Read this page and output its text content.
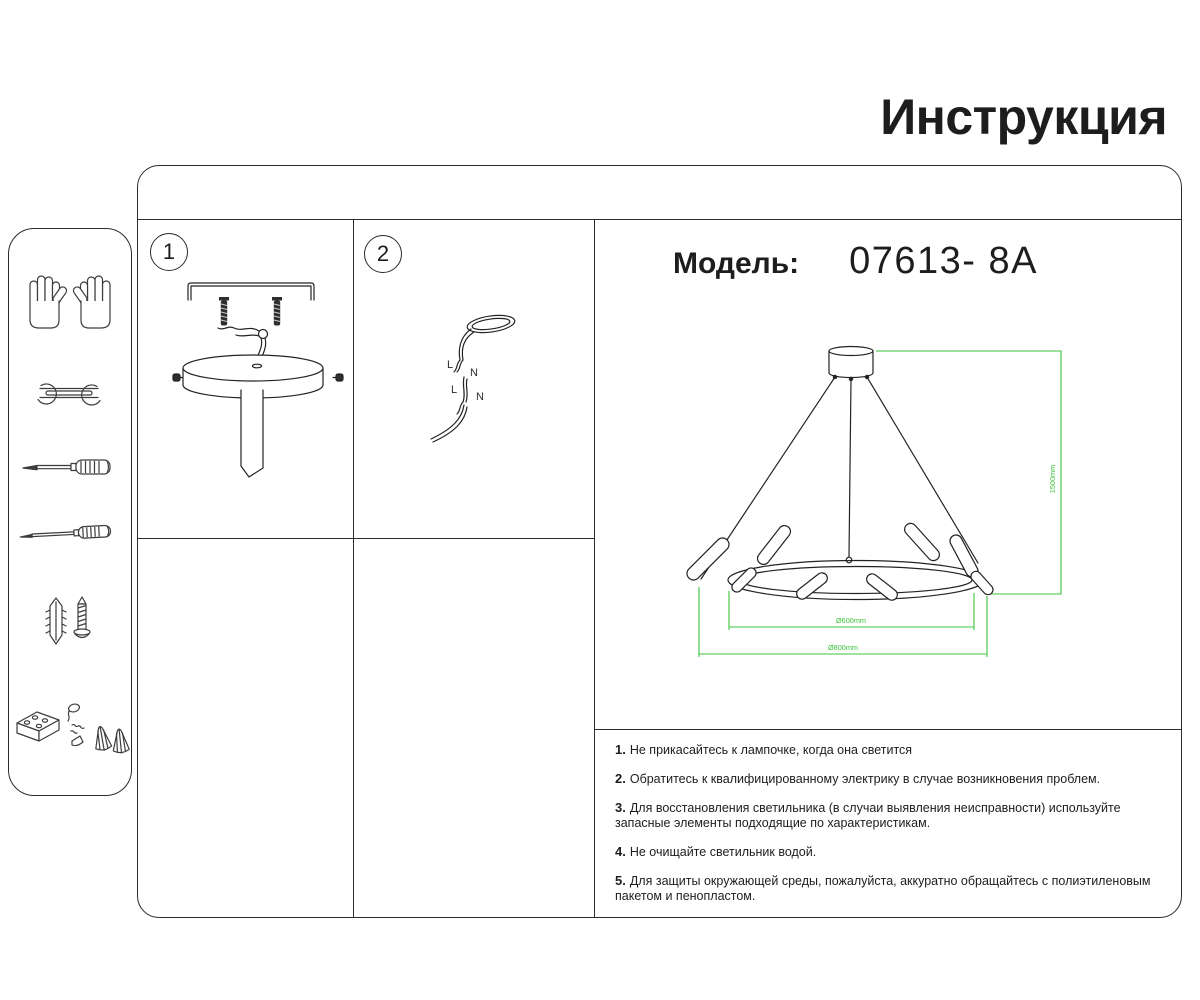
Инструкция
1	2
L
N
L
N
Модель: 07613- 8A
Ø600mm
Ø800mm
1500mm
1. Не прикасайтесь к лампочке, когда она светится
2. Обратитесь к квалифицированному электрику в случае возникновения проблем.
3. Для восстановления светильника (в случаи выявления неисправности) используйте запасные элементы подходящие по характеристикам.
4. Не очищайте светильник водой.
5. Для защиты окружающей среды, пожалуйста, аккуратно обращайтесь с полиэтиленовым пакетом и пенопластом.
